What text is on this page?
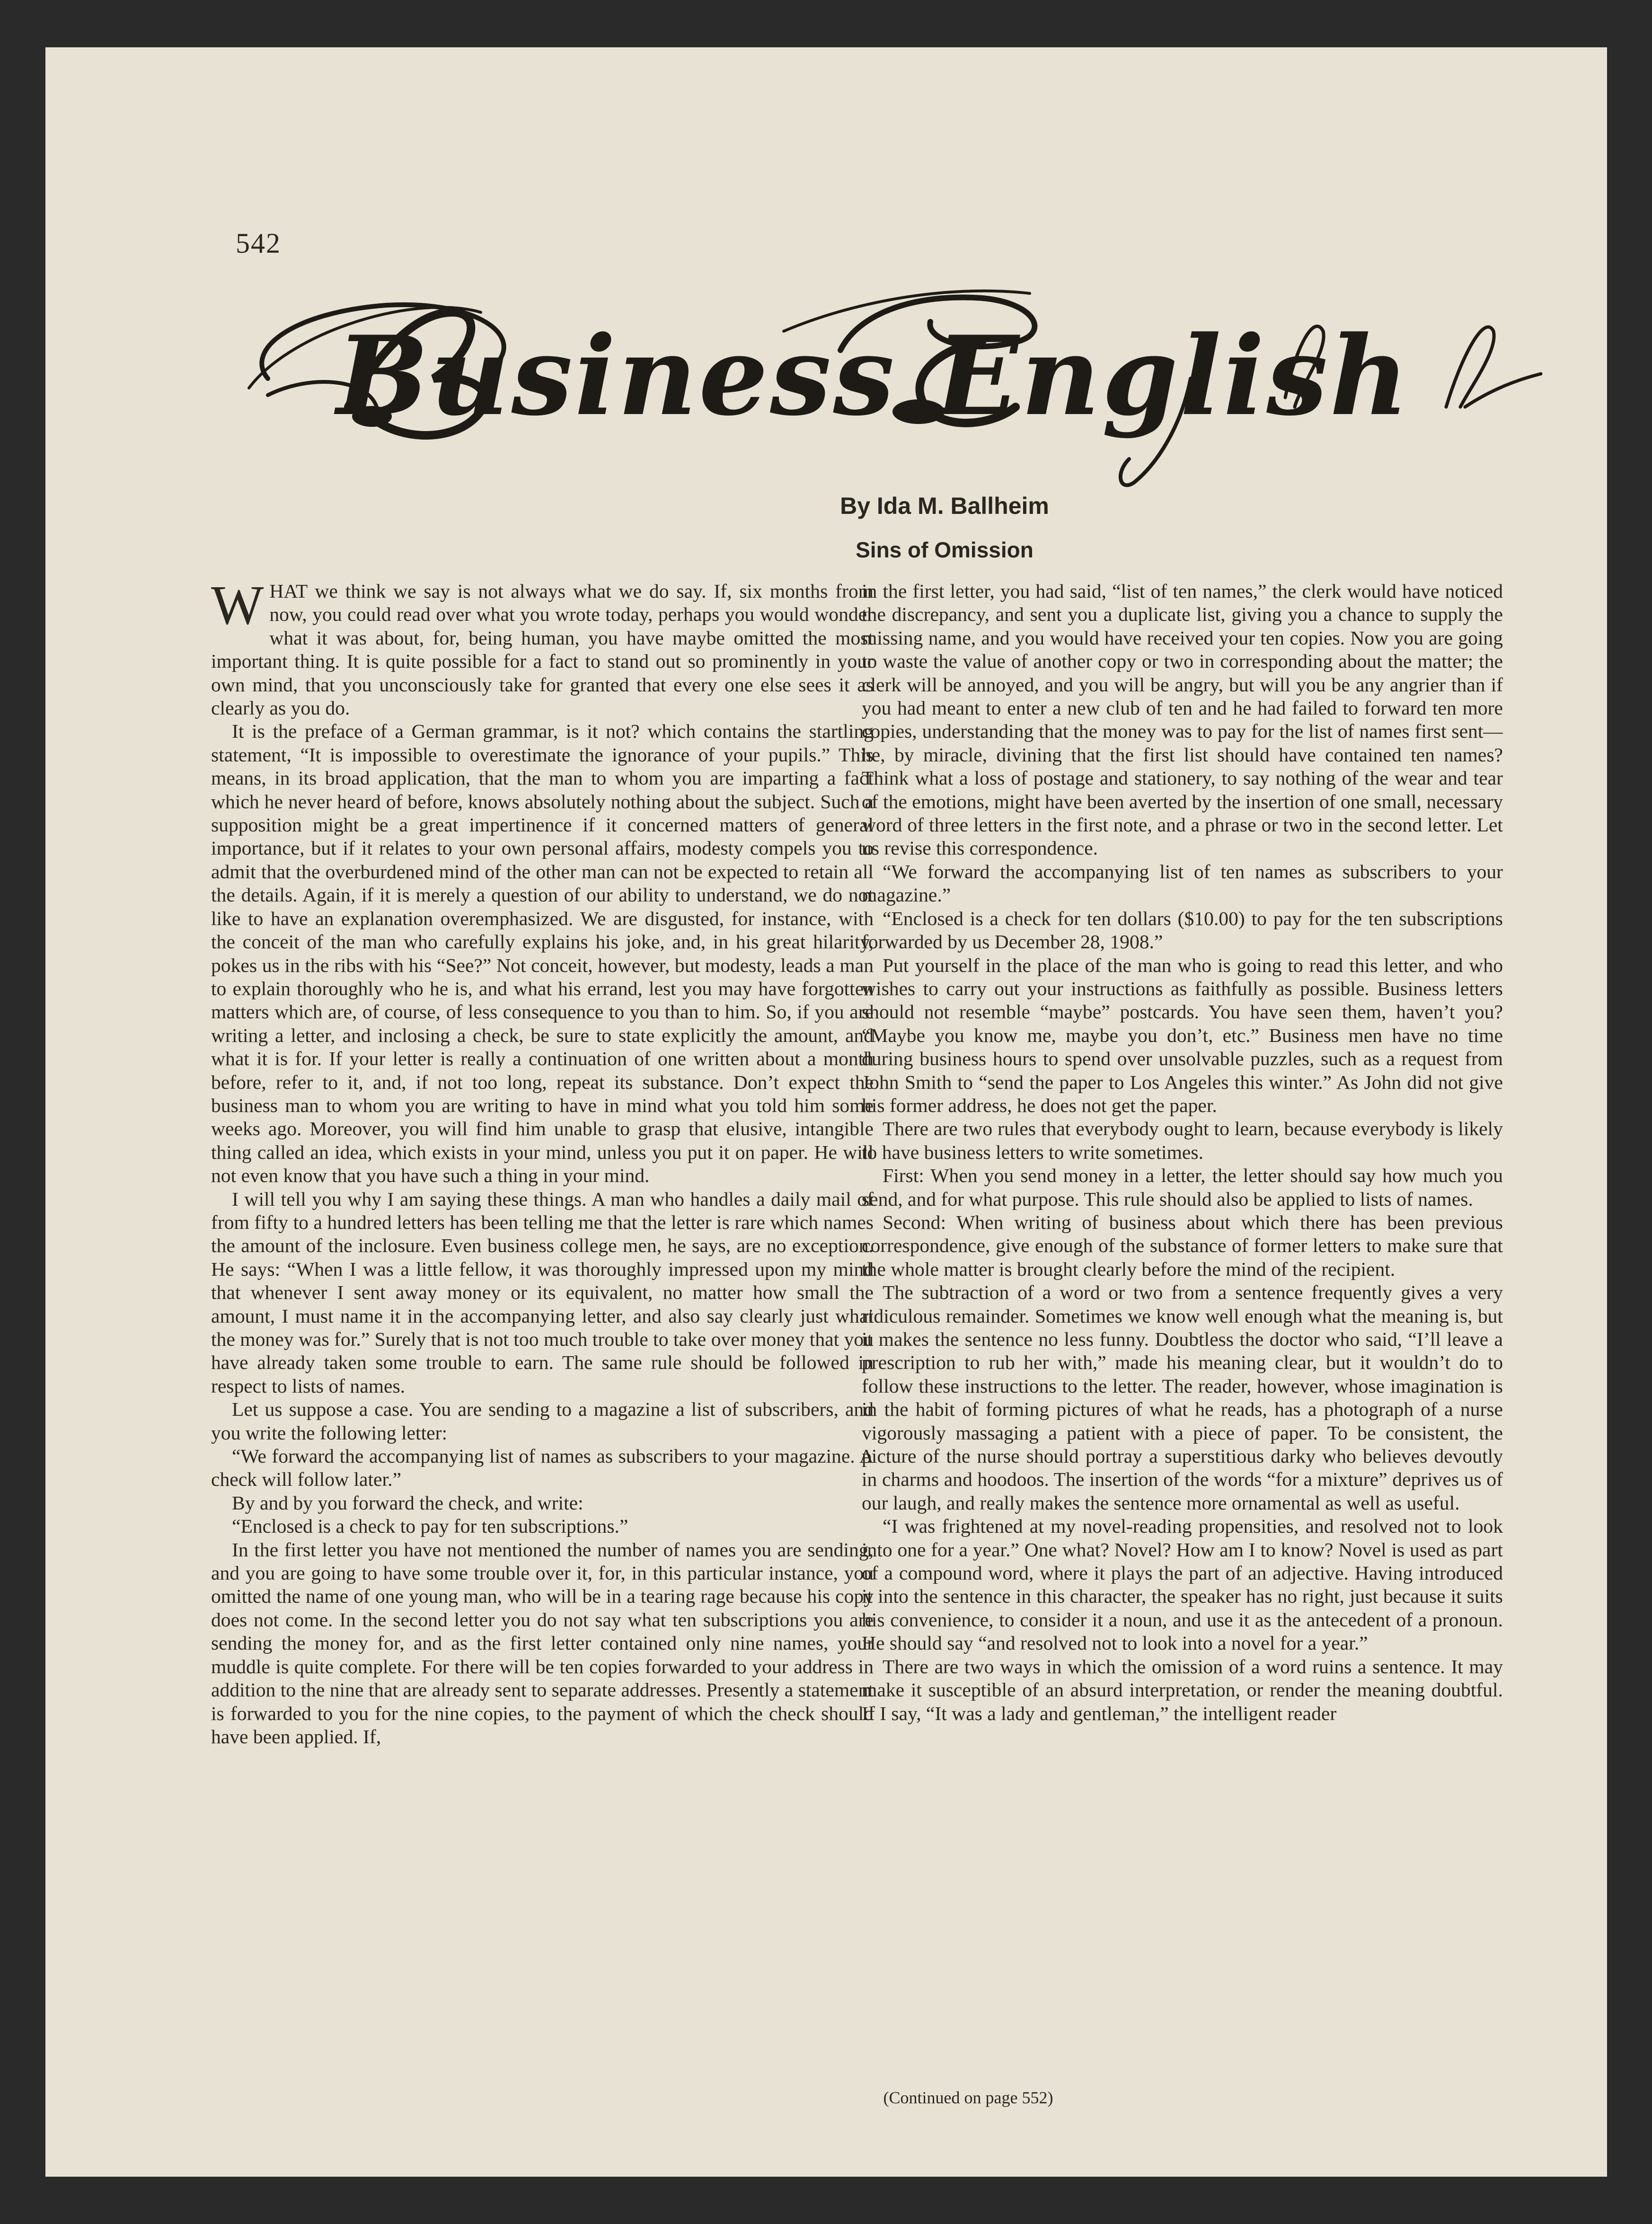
542
Business English
By Ida M. Ballheim
Sins of Omission

WHAT we think we say is not always what we do say. If, six months from now, you could read over what you wrote today, perhaps you would wonder what it was about, for, being human, you have maybe omitted the most important thing. It is quite possible for a fact to stand out so prominently in your own mind, that you unconsciously take for granted that every one else sees it as clearly as you do.

It is the preface of a German grammar, is it not? which contains the startling statement, “It is impossible to overestimate the ignorance of your pupils.” This means, in its broad application, that the man to whom you are imparting a fact which he never heard of before, knows absolutely nothing about the subject. Such a supposition might be a great impertinence if it concerned matters of general importance, but if it relates to your own personal affairs, modesty compels you to admit that the overburdened mind of the other man can not be expected to retain all the details. Again, if it is merely a question of our ability to understand, we do not like to have an explanation overemphasized. We are disgusted, for instance, with the conceit of the man who carefully explains his joke, and, in his great hilarity, pokes us in the ribs with his “See?” Not conceit, however, but modesty, leads a man to explain thoroughly who he is, and what his errand, lest you may have forgotten matters which are, of course, of less consequence to you than to him. So, if you are writing a letter, and inclosing a check, be sure to state explicitly the amount, and what it is for. If your letter is really a continuation of one written about a month before, refer to it, and, if not too long, repeat its substance. Don’t expect the business man to whom you are writing to have in mind what you told him some weeks ago. Moreover, you will find him unable to grasp that elusive, intangible thing called an idea, which exists in your mind, unless you put it on paper. He will not even know that you have such a thing in your mind.

I will tell you why I am saying these things. A man who handles a daily mail of from fifty to a hundred letters has been telling me that the letter is rare which names the amount of the inclosure. Even business college men, he says, are no exception. He says: “When I was a little fellow, it was thoroughly impressed upon my mind that whenever I sent away money or its equivalent, no matter how small the amount, I must name it in the accompanying letter, and also say clearly just what the money was for.” Surely that is not too much trouble to take over money that you have already taken some trouble to earn. The same rule should be followed in respect to lists of names.

Let us suppose a case. You are sending to a magazine a list of subscribers, and you write the following letter:

“We forward the accompanying list of names as subscribers to your magazine. A check will follow later.”

By and by you forward the check, and write:

“Enclosed is a check to pay for ten subscriptions.”

In the first letter you have not mentioned the number of names you are sending, and you are going to have some trouble over it, for, in this particular instance, you omitted the name of one young man, who will be in a tearing rage because his copy does not come. In the second letter you do not say what ten subscriptions you are sending the money for, and as the first letter contained only nine names, your muddle is quite complete. For there will be ten copies forwarded to your address in addition to the nine that are already sent to separate addresses. Presently a statement is forwarded to you for the nine copies, to the payment of which the check should have been applied. If,

in the first letter, you had said, “list of ten names,” the clerk would have noticed the discrepancy, and sent you a duplicate list, giving you a chance to supply the missing name, and you would have received your ten copies. Now you are going to waste the value of another copy or two in corresponding about the matter; the clerk will be annoyed, and you will be angry, but will you be any angrier than if you had meant to enter a new club of ten and he had failed to forward ten more copies, understanding that the money was to pay for the list of names first sent—he, by miracle, divining that the first list should have contained ten names? Think what a loss of postage and stationery, to say nothing of the wear and tear of the emotions, might have been averted by the insertion of one small, necessary word of three letters in the first note, and a phrase or two in the second letter. Let us revise this correspondence.

“We forward the accompanying list of ten names as subscribers to your magazine.”

“Enclosed is a check for ten dollars ($10.00) to pay for the ten subscriptions forwarded by us December 28, 1908.”

Put yourself in the place of the man who is going to read this letter, and who wishes to carry out your instructions as faithfully as possible. Business letters should not resemble “maybe” postcards. You have seen them, haven’t you? “Maybe you know me, maybe you don’t, etc.” Business men have no time during business hours to spend over unsolvable puzzles, such as a request from John Smith to “send the paper to Los Angeles this winter.” As John did not give his former address, he does not get the paper.

There are two rules that everybody ought to learn, because everybody is likely to have business letters to write sometimes.

First: When you send money in a letter, the letter should say how much you send, and for what purpose. This rule should also be applied to lists of names.

Second: When writing of business about which there has been previous correspondence, give enough of the substance of former letters to make sure that the whole matter is brought clearly before the mind of the recipient.

The subtraction of a word or two from a sentence frequently gives a very ridiculous remainder. Sometimes we know well enough what the meaning is, but it makes the sentence no less funny. Doubtless the doctor who said, “I’ll leave a prescription to rub her with,” made his meaning clear, but it wouldn’t do to follow these instructions to the letter. The reader, however, whose imagination is in the habit of forming pictures of what he reads, has a photograph of a nurse vigorously massaging a patient with a piece of paper. To be consistent, the picture of the nurse should portray a superstitious darky who believes devoutly in charms and hoodoos. The insertion of the words “for a mixture” deprives us of our laugh, and really makes the sentence more ornamental as well as useful.

“I was frightened at my novel-reading propensities, and resolved not to look into one for a year.” One what? Novel? How am I to know? Novel is used as part of a compound word, where it plays the part of an adjective. Having introduced it into the sentence in this character, the speaker has no right, just because it suits his convenience, to consider it a noun, and use it as the antecedent of a pronoun. He should say “and resolved not to look into a novel for a year.”

There are two ways in which the omission of a word ruins a sentence. It may make it susceptible of an absurd interpretation, or render the meaning doubtful. If I say, “It was a lady and gentleman,” the intelligent reader

(Continued on page 552)
